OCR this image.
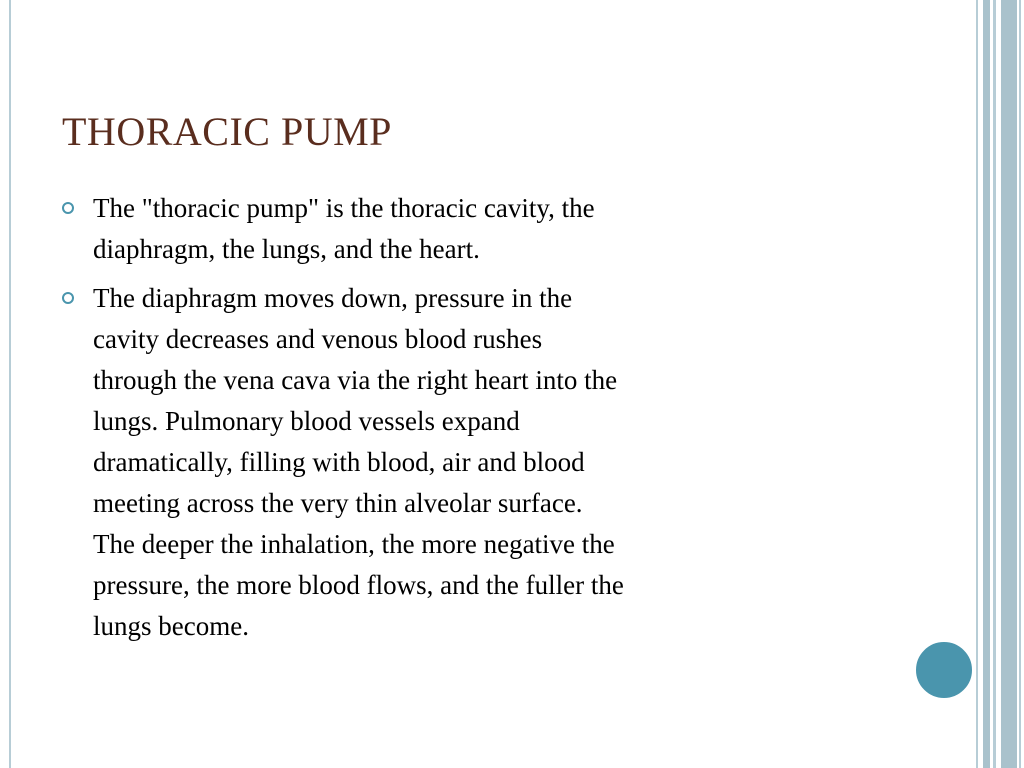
THORACIC PUMP
The "thoracic pump" is the thoracic cavity, the
diaphragm, the lungs, and the heart.
The diaphragm moves down, pressure in the
cavity decreases and venous blood rushes
through the vena cava via the right heart into the
lungs. Pulmonary blood vessels expand
dramatically, filling with blood, air and blood
meeting across the very thin alveolar surface.
The deeper the inhalation, the more negative the
pressure, the more blood flows, and the fuller the
lungs become.
